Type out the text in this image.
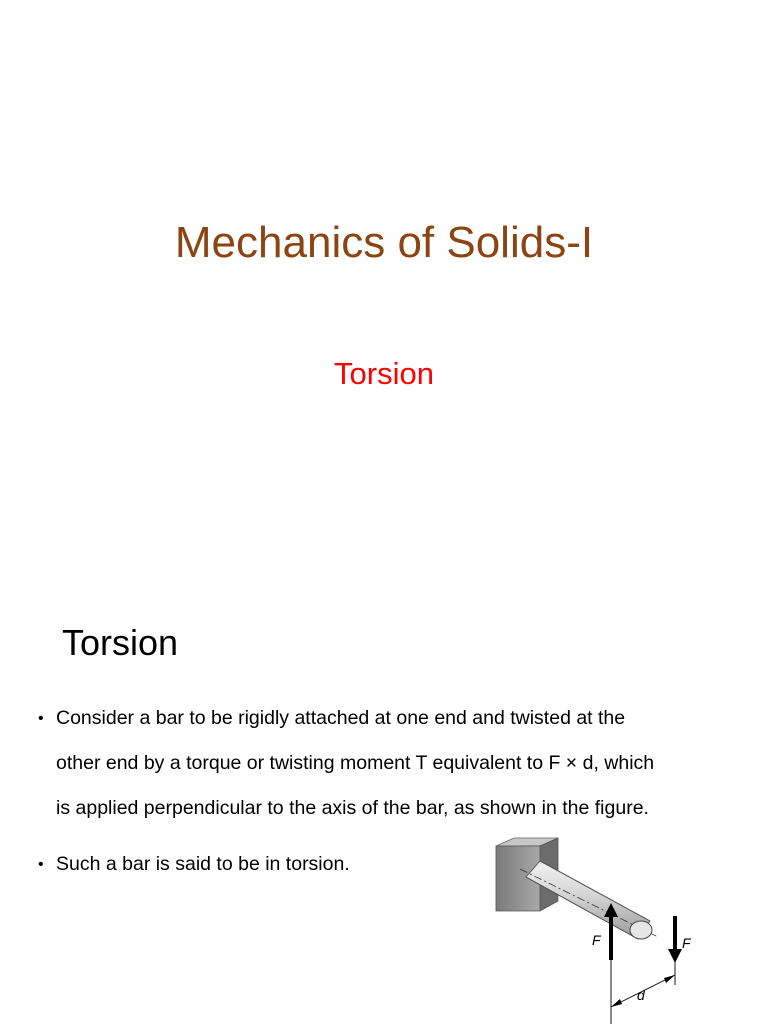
Mechanics of Solids-I
Torsion
Torsion
• Consider a bar to be rigidly attached at one end and twisted at the
other end by a torque or twisting moment T equivalent to F × d, which
is applied perpendicular to the axis of the bar, as shown in the figure.
• Such a bar is said to be in torsion.
F	F
d
